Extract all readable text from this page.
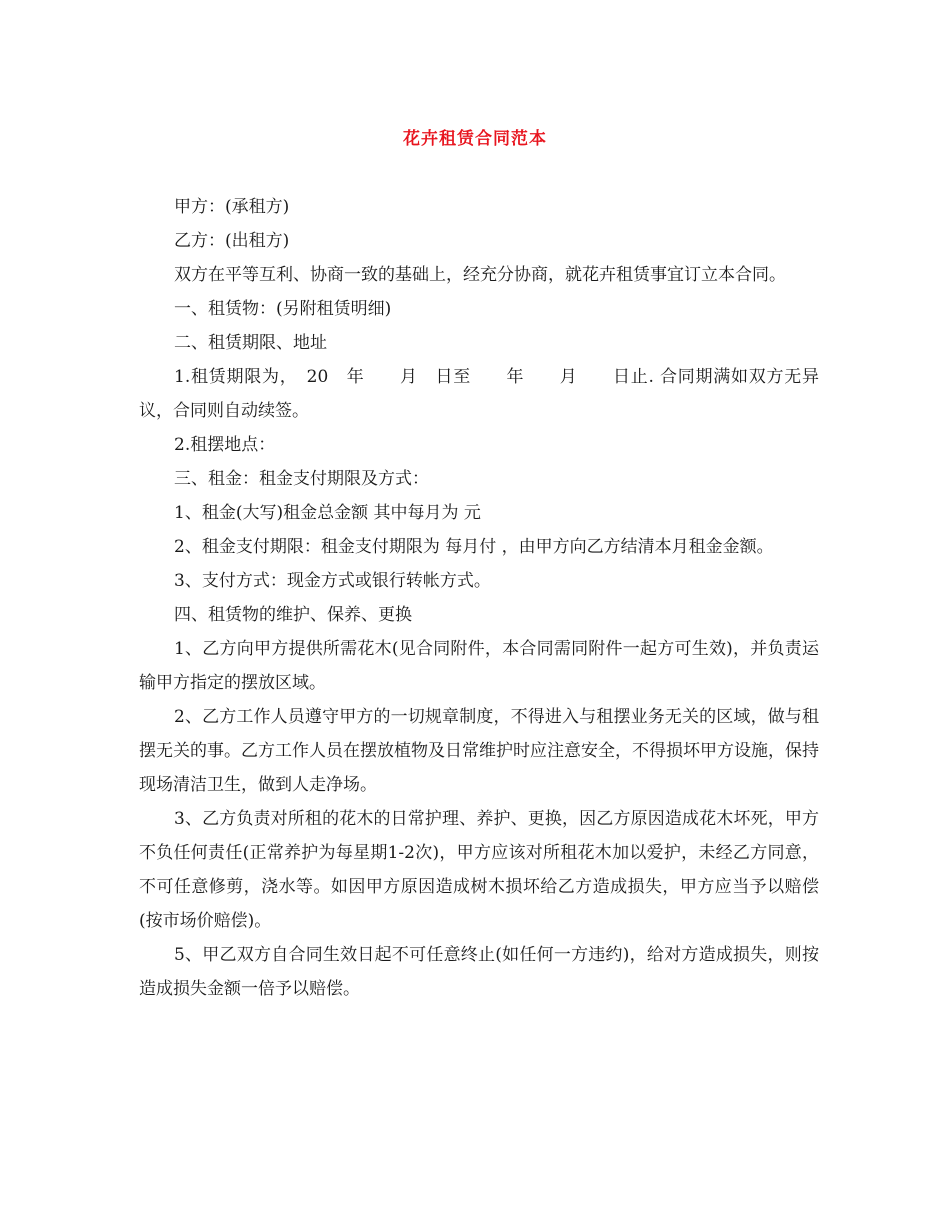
花卉租赁合同范本

甲方：(承租方)

乙方：(出租方)

双方在平等互利、协商一致的基础上，经充分协商，就花卉租赁事宜订立本合同。

一、租赁物：(另附租赁明细)

二、租赁期限、地址

1.租赁期限为，　20　年　　月　日至　　年　　月　　日止. 合同期满如双方无异议，合同则自动续签。

2.租摆地点：

三、租金：租金支付期限及方式：

1、租金(大写)租金总金额 其中每月为 元

2、租金支付期限：租金支付期限为 每月付 ，由甲方向乙方结清本月租金金额。

3、支付方式：现金方式或银行转帐方式。

四、租赁物的维护、保养、更换

1、乙方向甲方提供所需花木(见合同附件，本合同需同附件一起方可生效)，并负责运输甲方指定的摆放区域。

2、乙方工作人员遵守甲方的一切规章制度，不得进入与租摆业务无关的区域，做与租摆无关的事。乙方工作人员在摆放植物及日常维护时应注意安全，不得损坏甲方设施，保持现场清洁卫生，做到人走净场。

3、乙方负责对所租的花木的日常护理、养护、更换，因乙方原因造成花木坏死，甲方不负任何责任(正常养护为每星期1-2次)，甲方应该对所租花木加以爱护，未经乙方同意，不可任意修剪，浇水等。如因甲方原因造成树木损坏给乙方造成损失，甲方应当予以赔偿(按市场价赔偿)。

5、甲乙双方自合同生效日起不可任意终止(如任何一方违约)，给对方造成损失，则按造成损失金额一倍予以赔偿。
